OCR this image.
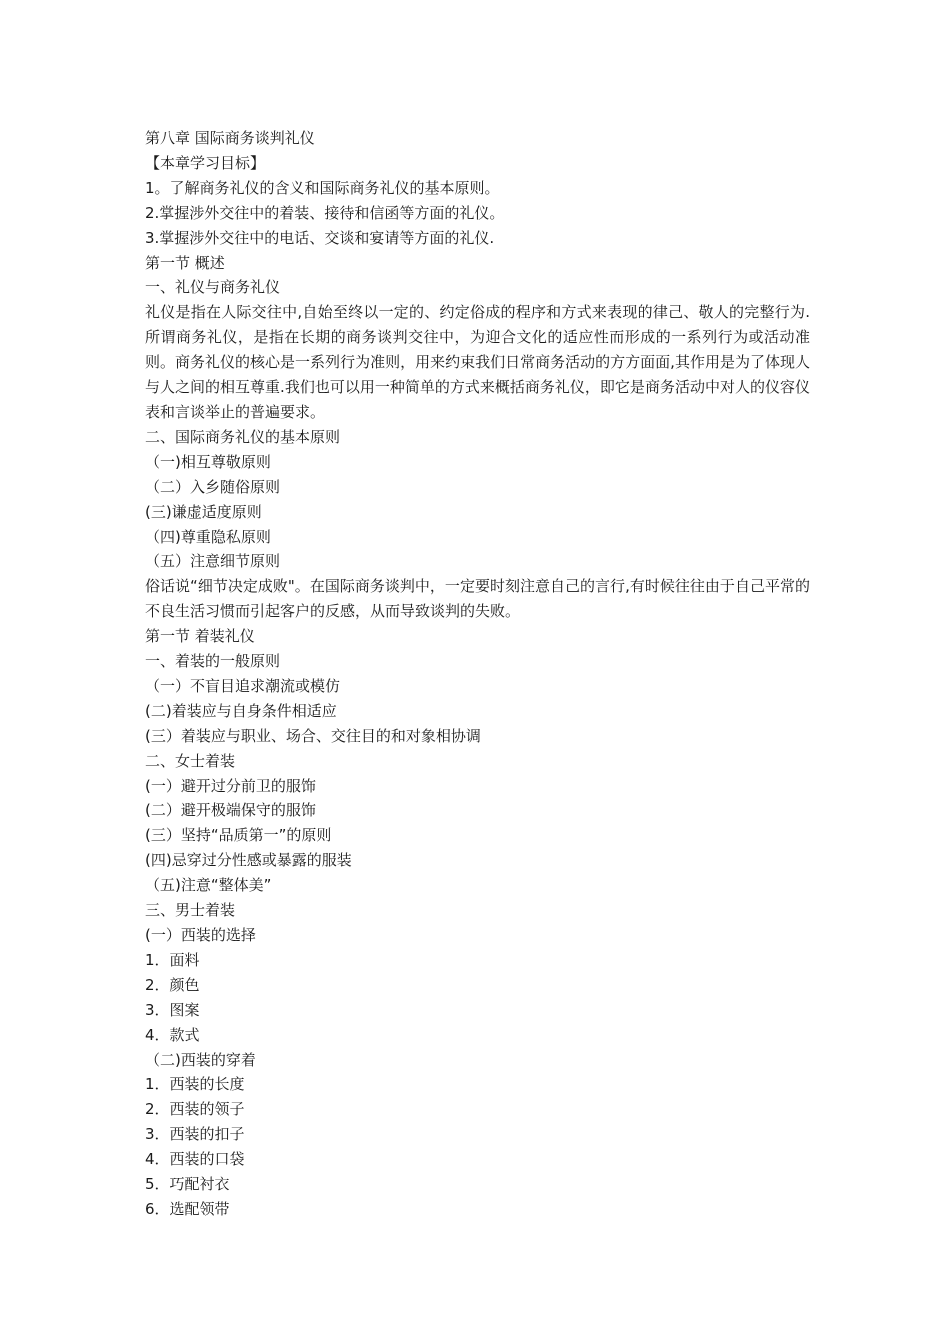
第八章 国际商务谈判礼仪

【本章学习目标】

1。了解商务礼仪的含义和国际商务礼仪的基本原则。

2.掌握涉外交往中的着装、接待和信函等方面的礼仪。

3.掌握涉外交往中的电话、交谈和宴请等方面的礼仪.

第一节 概述

一、礼仪与商务礼仪

礼仪是指在人际交往中,自始至终以一定的、约定俗成的程序和方式来表现的律己、敬人的完整行为.所谓商务礼仪，是指在长期的商务谈判交往中，为迎合文化的适应性而形成的一系列行为或活动准则。商务礼仪的核心是一系列行为准则，用来约束我们日常商务活动的方方面面,其作用是为了体现人与人之间的相互尊重.我们也可以用一种简单的方式来概括商务礼仪，即它是商务活动中对人的仪容仪表和言谈举止的普遍要求。

二、国际商务礼仪的基本原则

（一)相互尊敬原则

（二）入乡随俗原则

(三)谦虚适度原则

（四)尊重隐私原则

（五）注意细节原则

俗话说“细节决定成败"。在国际商务谈判中，一定要时刻注意自己的言行,有时候往往由于自己平常的不良生活习惯而引起客户的反感，从而导致谈判的失败。

第一节 着装礼仪

一、着装的一般原则

（一）不盲目追求潮流或模仿

(二)着装应与自身条件相适应

(三）着装应与职业、场合、交往目的和对象相协调

二、女士着装

(一）避开过分前卫的服饰

(二）避开极端保守的服饰

(三）坚持“品质第一”的原则

(四)忌穿过分性感或暴露的服装

（五)注意“整体美”

三、男士着装

(一）西装的选择

1．面料

2．颜色

3．图案

4．款式

（二)西装的穿着

1．西装的长度

2．西装的领子

3．西装的扣子

4．西装的口袋

5．巧配衬衣

6．选配领带
